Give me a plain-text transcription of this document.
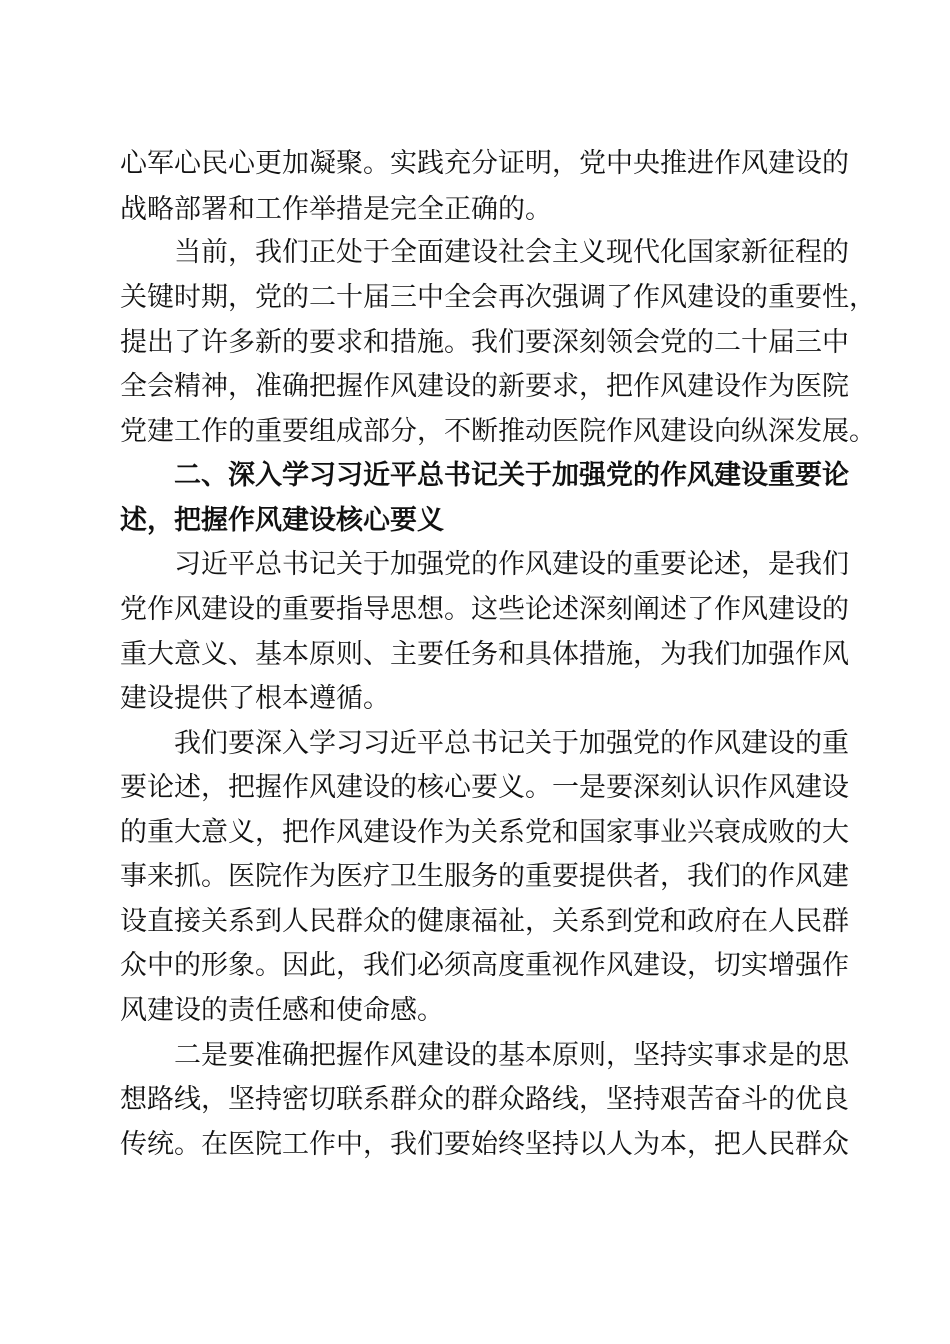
心军心民心更加凝聚。实践充分证明，党中央推进作风建设的
战略部署和工作举措是完全正确的。
当前，我们正处于全面建设社会主义现代化国家新征程的
关键时期，党的二十届三中全会再次强调了作风建设的重要性，
提出了许多新的要求和措施。我们要深刻领会党的二十届三中
全会精神，准确把握作风建设的新要求，把作风建设作为医院
党建工作的重要组成部分，不断推动医院作风建设向纵深发展。
二、深入学习习近平总书记关于加强党的作风建设重要论
述，把握作风建设核心要义
习近平总书记关于加强党的作风建设的重要论述，是我们
党作风建设的重要指导思想。这些论述深刻阐述了作风建设的
重大意义、基本原则、主要任务和具体措施，为我们加强作风
建设提供了根本遵循。
我们要深入学习习近平总书记关于加强党的作风建设的重
要论述，把握作风建设的核心要义。一是要深刻认识作风建设
的重大意义，把作风建设作为关系党和国家事业兴衰成败的大
事来抓。医院作为医疗卫生服务的重要提供者，我们的作风建
设直接关系到人民群众的健康福祉，关系到党和政府在人民群
众中的形象。因此，我们必须高度重视作风建设，切实增强作
风建设的责任感和使命感。
二是要准确把握作风建设的基本原则，坚持实事求是的思
想路线，坚持密切联系群众的群众路线，坚持艰苦奋斗的优良
传统。在医院工作中，我们要始终坚持以人为本，把人民群众
